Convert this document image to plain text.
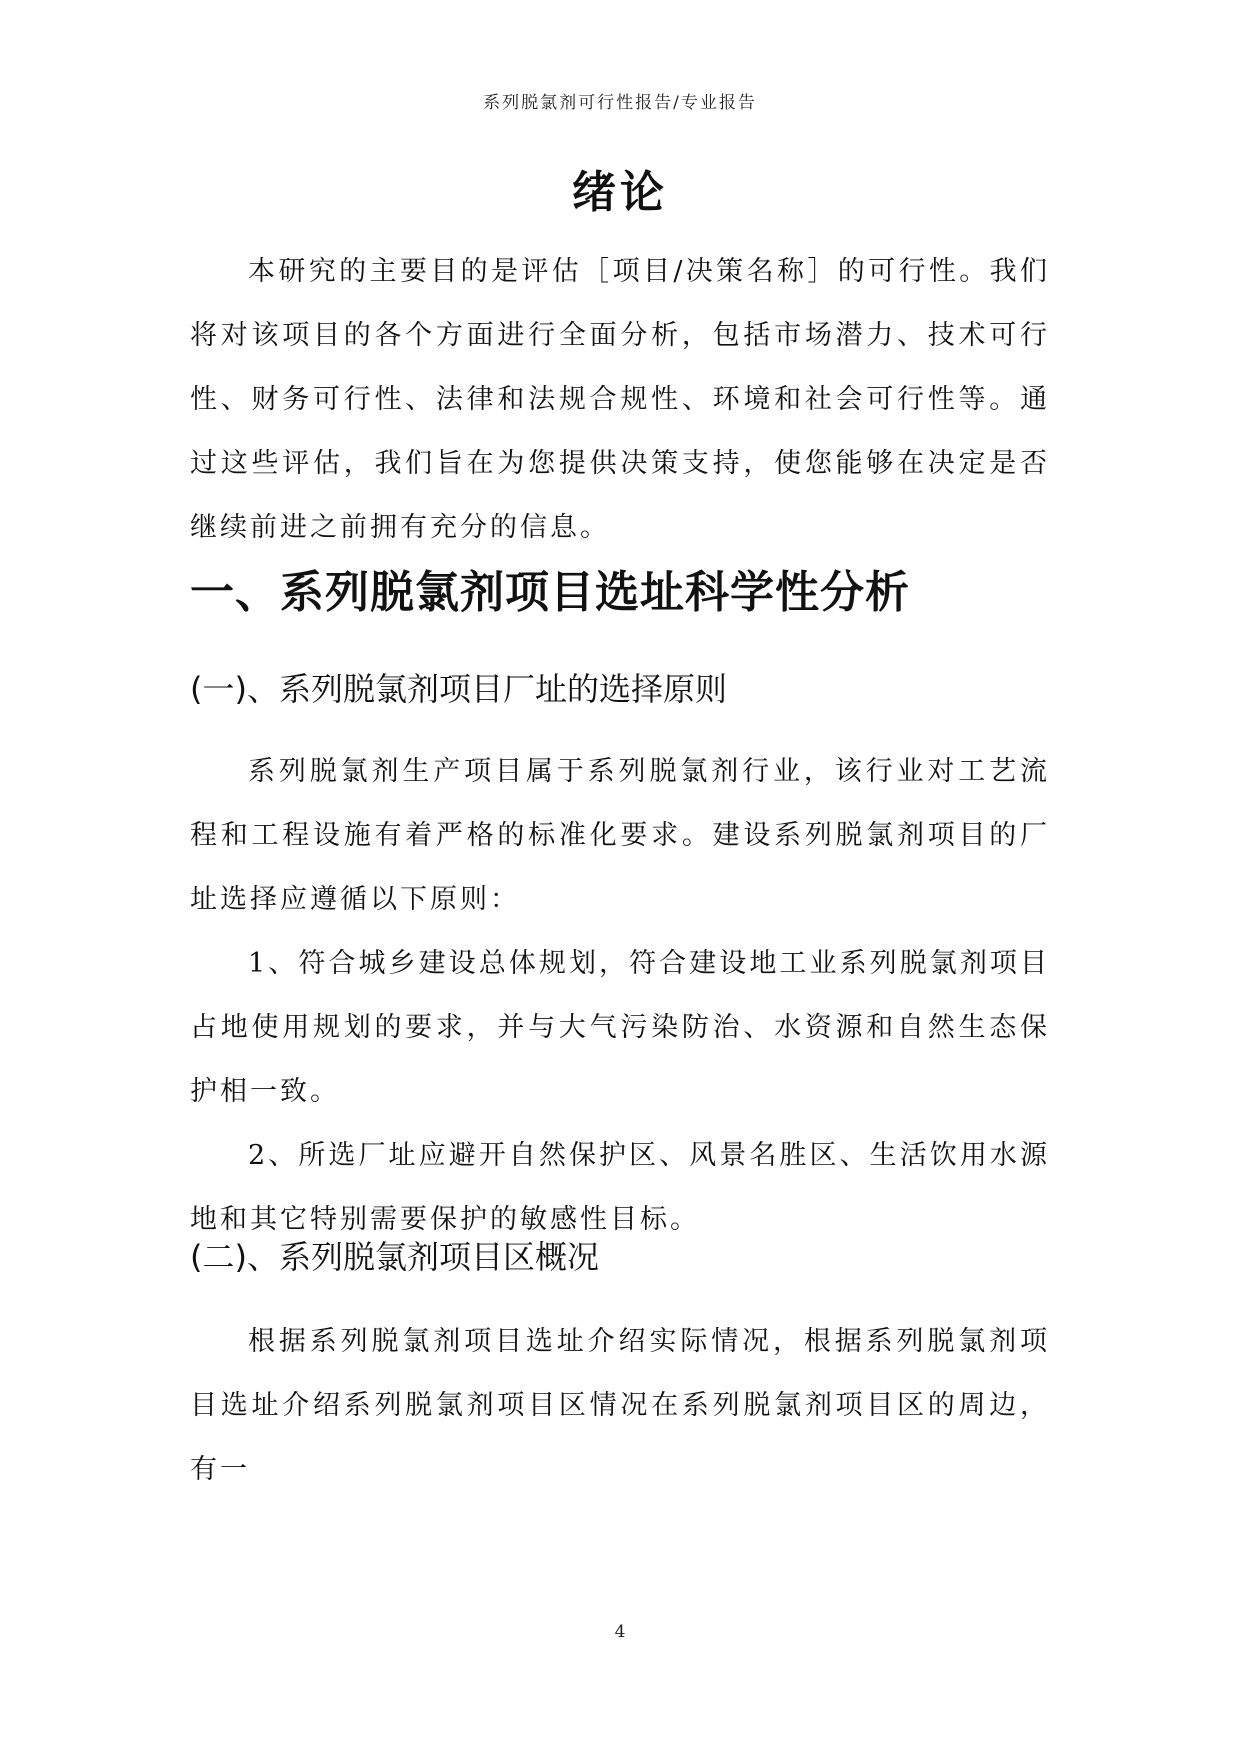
系列脱氯剂可行性报告/专业报告
绪论

本研究的主要目的是评估［项目/决策名称］的可行性。我们将对该项目的各个方面进行全面分析，包括市场潜力、技术可行性、财务可行性、法律和法规合规性、环境和社会可行性等。通过这些评估，我们旨在为您提供决策支持，使您能够在决定是否继续前进之前拥有充分的信息。

一、系列脱氯剂项目选址科学性分析
(一)、系列脱氯剂项目厂址的选择原则

系列脱氯剂生产项目属于系列脱氯剂行业，该行业对工艺流程和工程设施有着严格的标准化要求。建设系列脱氯剂项目的厂址选择应遵循以下原则：

1、符合城乡建设总体规划，符合建设地工业系列脱氯剂项目占地使用规划的要求，并与大气污染防治、水资源和自然生态保护相一致。

2、所选厂址应避开自然保护区、风景名胜区、生活饮用水源地和其它特别需要保护的敏感性目标。

(二)、系列脱氯剂项目区概况

根据系列脱氯剂项目选址介绍实际情况，根据系列脱氯剂项目选址介绍系列脱氯剂项目区情况在系列脱氯剂项目区的周边，有一

4
